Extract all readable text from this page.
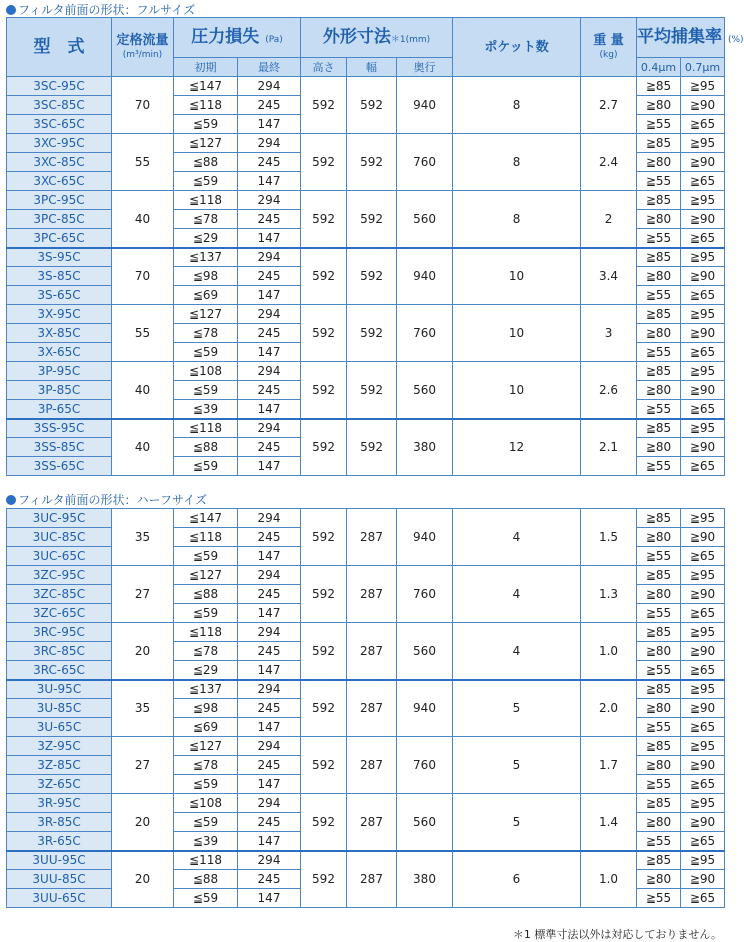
フィルタ前面の形状：フルサイズ
型　式	定格流量
(m³/min)	圧力損失 (Pa)		外形寸法＊1(mm)			ポケット数	重 量
(kg)	平均捕集率 (%)	
		初期	最終	高さ	幅	奥行			0.4μm	0.7μm
3SC-95C	70	≦147	294	592	592	940	8	2.7	≧85	≧95
3SC-85C		≦118	245						≧80	≧90
3SC-65C		≦59	147						≧55	≧65
3XC-95C	55	≦127	294	592	592	760	8	2.4	≧85	≧95
3XC-85C		≦88	245						≧80	≧90
3XC-65C		≦59	147						≧55	≧65
3PC-95C	40	≦118	294	592	592	560	8	2	≧85	≧95
3PC-85C		≦78	245						≧80	≧90
3PC-65C		≦29	147						≧55	≧65
3S-95C	70	≦137	294	592	592	940	10	3.4	≧85	≧95
3S-85C		≦98	245						≧80	≧90
3S-65C		≦69	147						≧55	≧65
3X-95C	55	≦127	294	592	592	760	10	3	≧85	≧95
3X-85C		≦78	245						≧80	≧90
3X-65C		≦59	147						≧55	≧65
3P-95C	40	≦108	294	592	592	560	10	2.6	≧85	≧95
3P-85C		≦59	245						≧80	≧90
3P-65C		≦39	147						≧55	≧65
3SS-95C	40	≦118	294	592	592	380	12	2.1	≧85	≧95
3SS-85C		≦88	245						≧80	≧90
3SS-65C		≦59	147						≧55	≧65
フィルタ前面の形状：ハーフサイズ
3UC-95C	35	≦147	294	592	287	940	4	1.5	≧85	≧95
3UC-85C		≦118	245						≧80	≧90
3UC-65C		≦59	147						≧55	≧65
3ZC-95C	27	≦127	294	592	287	760	4	1.3	≧85	≧95
3ZC-85C		≦88	245						≧80	≧90
3ZC-65C		≦59	147						≧55	≧65
3RC-95C	20	≦118	294	592	287	560	4	1.0	≧85	≧95
3RC-85C		≦78	245						≧80	≧90
3RC-65C		≦29	147						≧55	≧65
3U-95C	35	≦137	294	592	287	940	5	2.0	≧85	≧95
3U-85C		≦98	245						≧80	≧90
3U-65C		≦69	147						≧55	≧65
3Z-95C	27	≦127	294	592	287	760	5	1.7	≧85	≧95
3Z-85C		≦78	245						≧80	≧90
3Z-65C		≦59	147						≧55	≧65
3R-95C	20	≦108	294	592	287	560	5	1.4	≧85	≧95
3R-85C		≦59	245						≧80	≧90
3R-65C		≦39	147						≧55	≧65
3UU-95C	20	≦118	294	592	287	380	6	1.0	≧85	≧95
3UU-85C		≦88	245						≧80	≧90
3UU-65C		≦59	147						≧55	≧65
＊1 標準寸法以外は対応しておりません。
